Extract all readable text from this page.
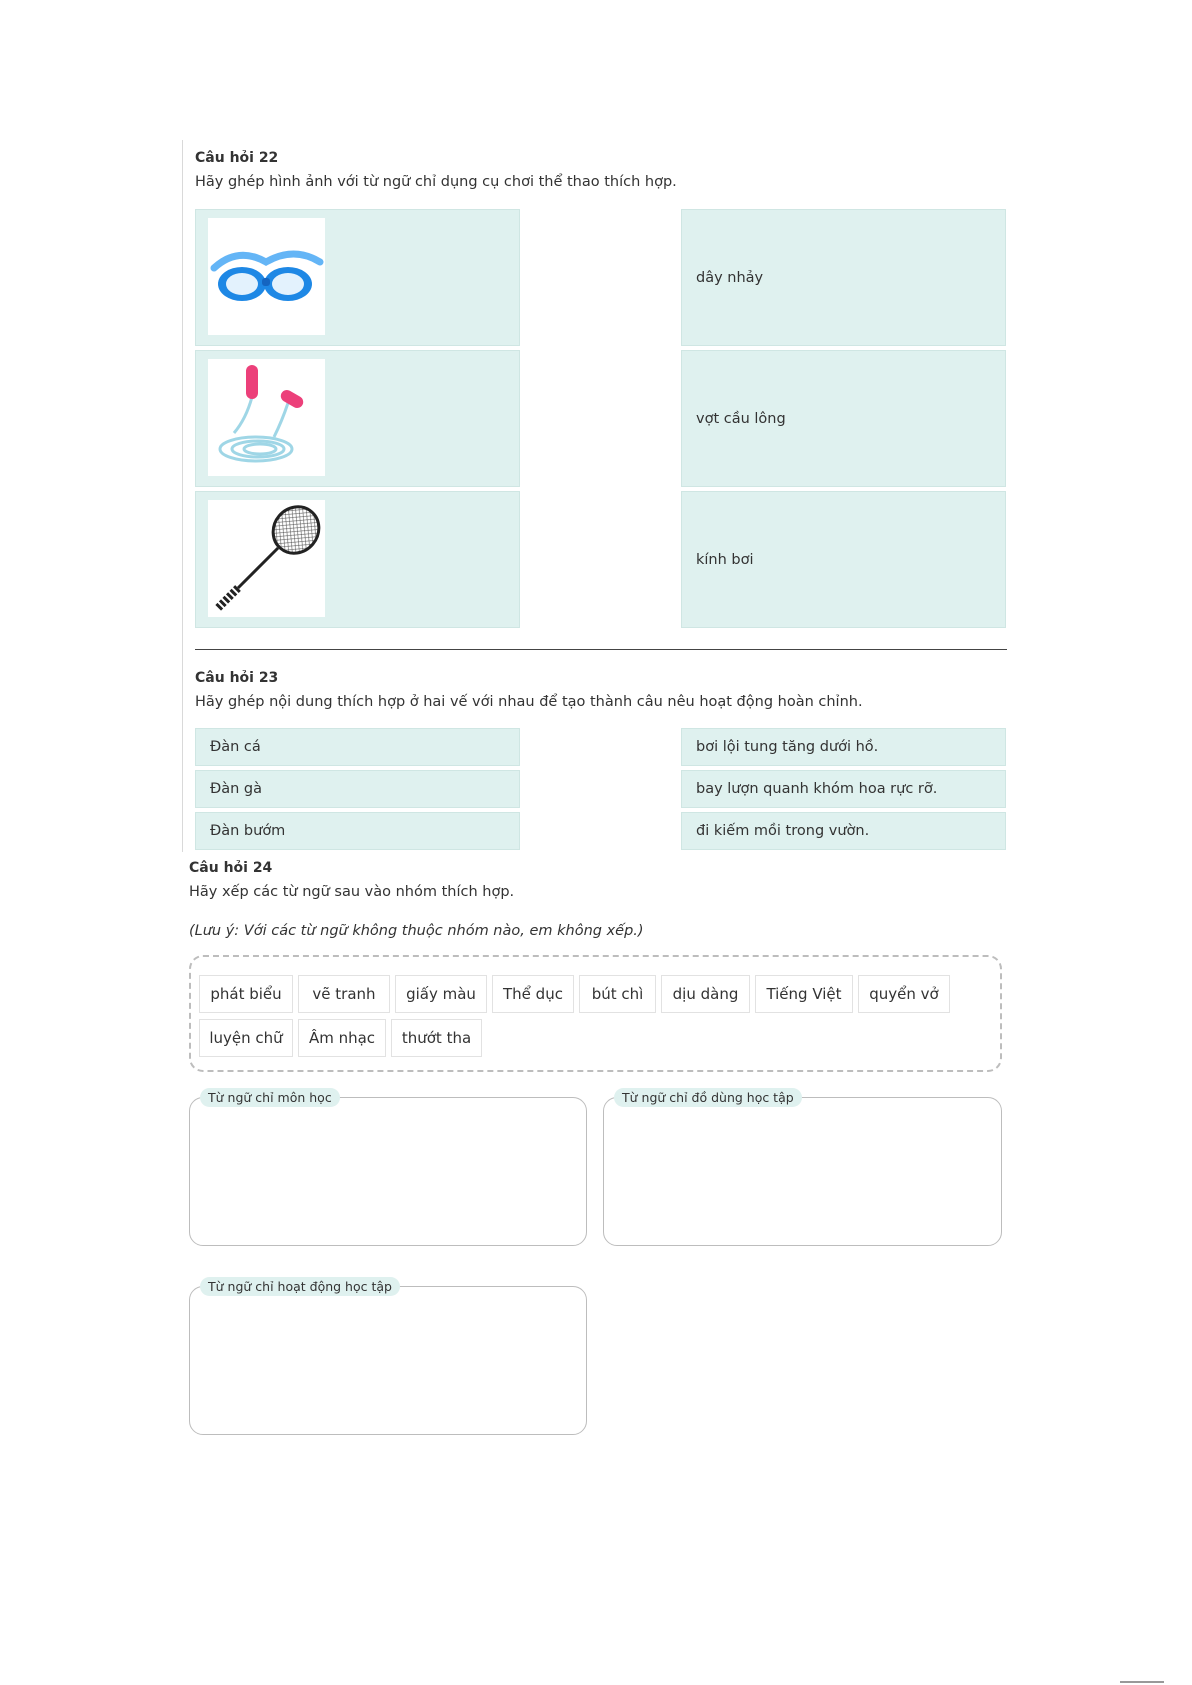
Câu hỏi 22
Hãy ghép hình ảnh với từ ngữ chỉ dụng cụ chơi thể thao thích hợp.
dây nhảy
vợt cầu lông
kính bơi
Câu hỏi 23
Hãy ghép nội dung thích hợp ở hai vế với nhau để tạo thành câu nêu hoạt động hoàn chỉnh.
Đàn cá
Đàn gà
Đàn bướm
bơi lội tung tăng dưới hồ.
bay lượn quanh khóm hoa rực rỡ.
đi kiếm mồi trong vườn.
Câu hỏi 24
Hãy xếp các từ ngữ sau vào nhóm thích hợp.
(Lưu ý: Với các từ ngữ không thuộc nhóm nào, em không xếp.)
phát biểu	vẽ tranh	giấy màu	Thể dục	bút chì	dịu dàng	Tiếng Việt	quyển vở
luyện chữ	Âm nhạc	thướt tha
Từ ngữ chỉ môn học	Từ ngữ chỉ đồ dùng học tập
Từ ngữ chỉ hoạt động học tập
